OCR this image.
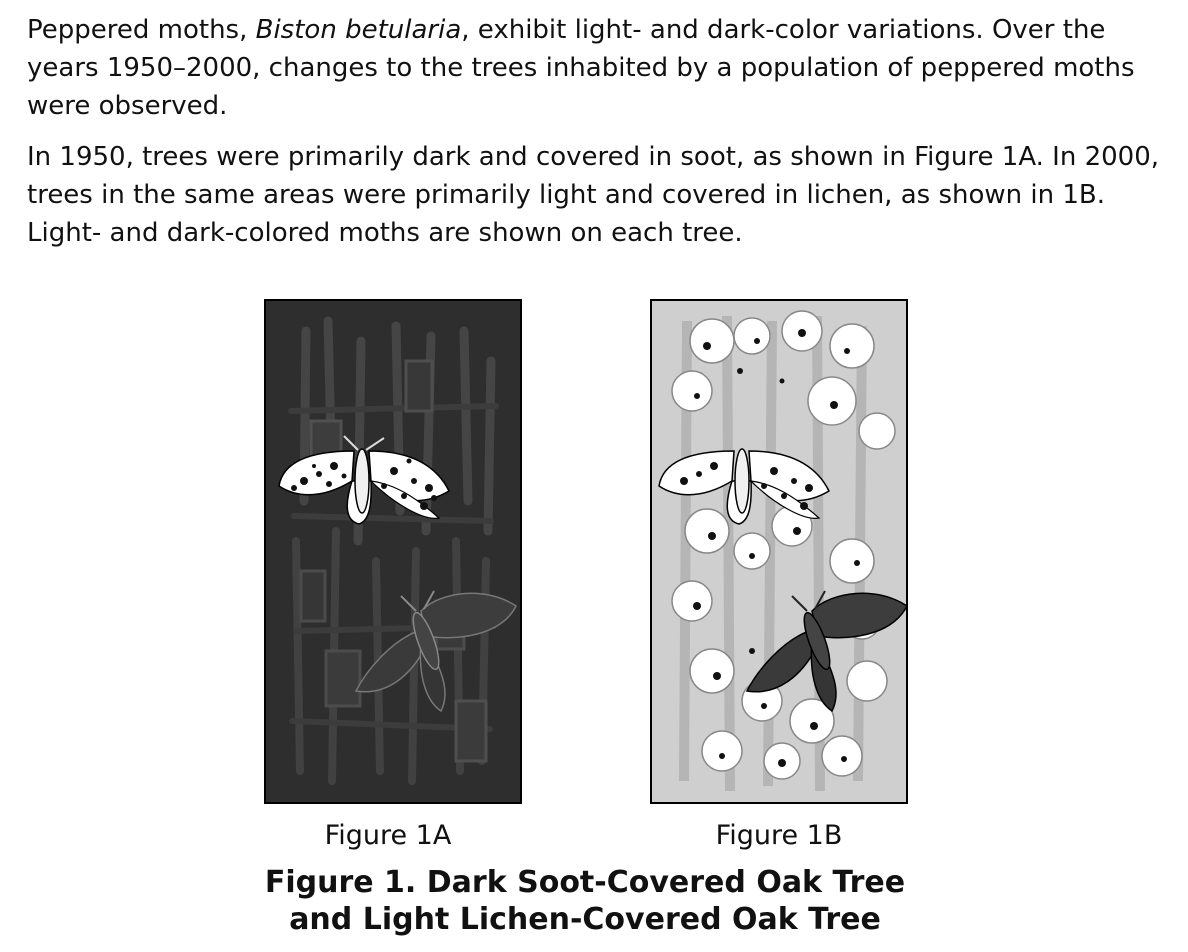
Peppered moths, Biston betularia, exhibit light- and dark-color variations. Over the years 1950–2000, changes to the trees inhabited by a population of peppered moths were observed.

In 1950, trees were primarily dark and covered in soot, as shown in Figure 1A. In 2000, trees in the same areas were primarily light and covered in lichen, as shown in 1B. Light- and dark-colored moths are shown on each tree.

Figure 1A	Figure 1B
Figure 1. Dark Soot-Covered Oak Tree
and Light Lichen-Covered Oak Tree
